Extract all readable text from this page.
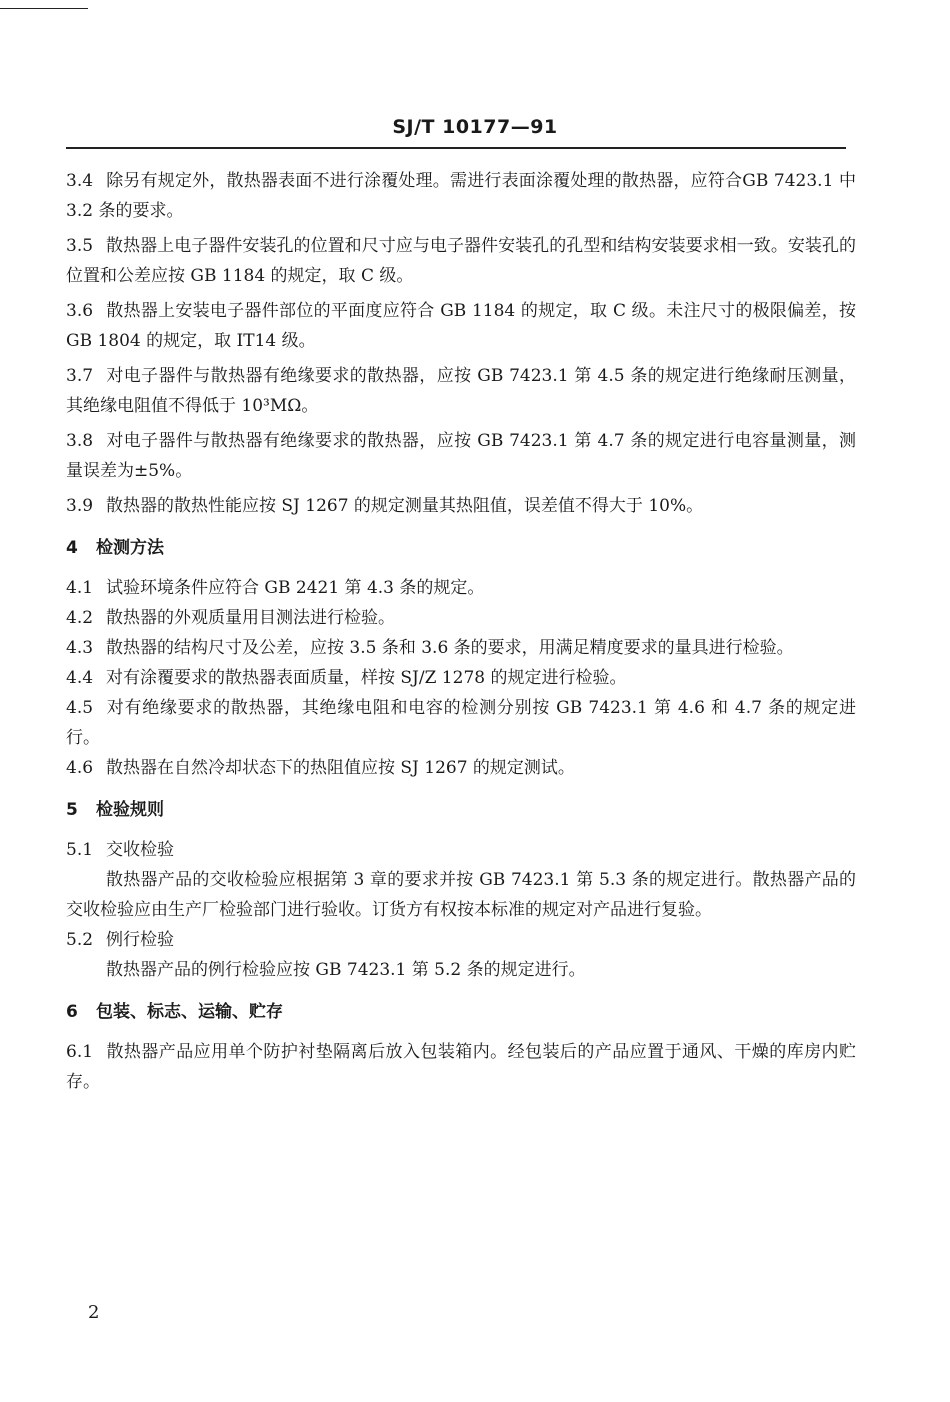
SJ/T 10177—91

3.4 除另有规定外，散热器表面不进行涂覆处理。需进行表面涂覆处理的散热器，应符合GB 7423.1 中 3.2 条的要求。

3.5 散热器上电子器件安装孔的位置和尺寸应与电子器件安装孔的孔型和结构安装要求相一致。安装孔的位置和公差应按 GB 1184 的规定，取 C 级。

3.6 散热器上安装电子器件部位的平面度应符合 GB 1184 的规定，取 C 级。未注尺寸的极限偏差，按 GB 1804 的规定，取 IT14 级。

3.7 对电子器件与散热器有绝缘要求的散热器，应按 GB 7423.1 第 4.5 条的规定进行绝缘耐压测量，其绝缘电阻值不得低于 10³MΩ。

3.8 对电子器件与散热器有绝缘要求的散热器，应按 GB 7423.1 第 4.7 条的规定进行电容量测量，测量误差为±5%。

3.9 散热器的散热性能应按 SJ 1267 的规定测量其热阻值，误差值不得大于 10%。

4 检测方法

4.1 试验环境条件应符合 GB 2421 第 4.3 条的规定。

4.2 散热器的外观质量用目测法进行检验。

4.3 散热器的结构尺寸及公差，应按 3.5 条和 3.6 条的要求，用满足精度要求的量具进行检验。

4.4 对有涂覆要求的散热器表面质量，样按 SJ/Z 1278 的规定进行检验。

4.5 对有绝缘要求的散热器，其绝缘电阻和电容的检测分别按 GB 7423.1 第 4.6 和 4.7 条的规定进行。

4.6 散热器在自然冷却状态下的热阻值应按 SJ 1267 的规定测试。

5 检验规则

5.1 交收检验

散热器产品的交收检验应根据第 3 章的要求并按 GB 7423.1 第 5.3 条的规定进行。散热器产品的交收检验应由生产厂检验部门进行验收。订货方有权按本标准的规定对产品进行复验。

5.2 例行检验

散热器产品的例行检验应按 GB 7423.1 第 5.2 条的规定进行。

6 包装、标志、运输、贮存

6.1 散热器产品应用单个防护衬垫隔离后放入包装箱内。经包装后的产品应置于通风、干燥的库房内贮存。

2
